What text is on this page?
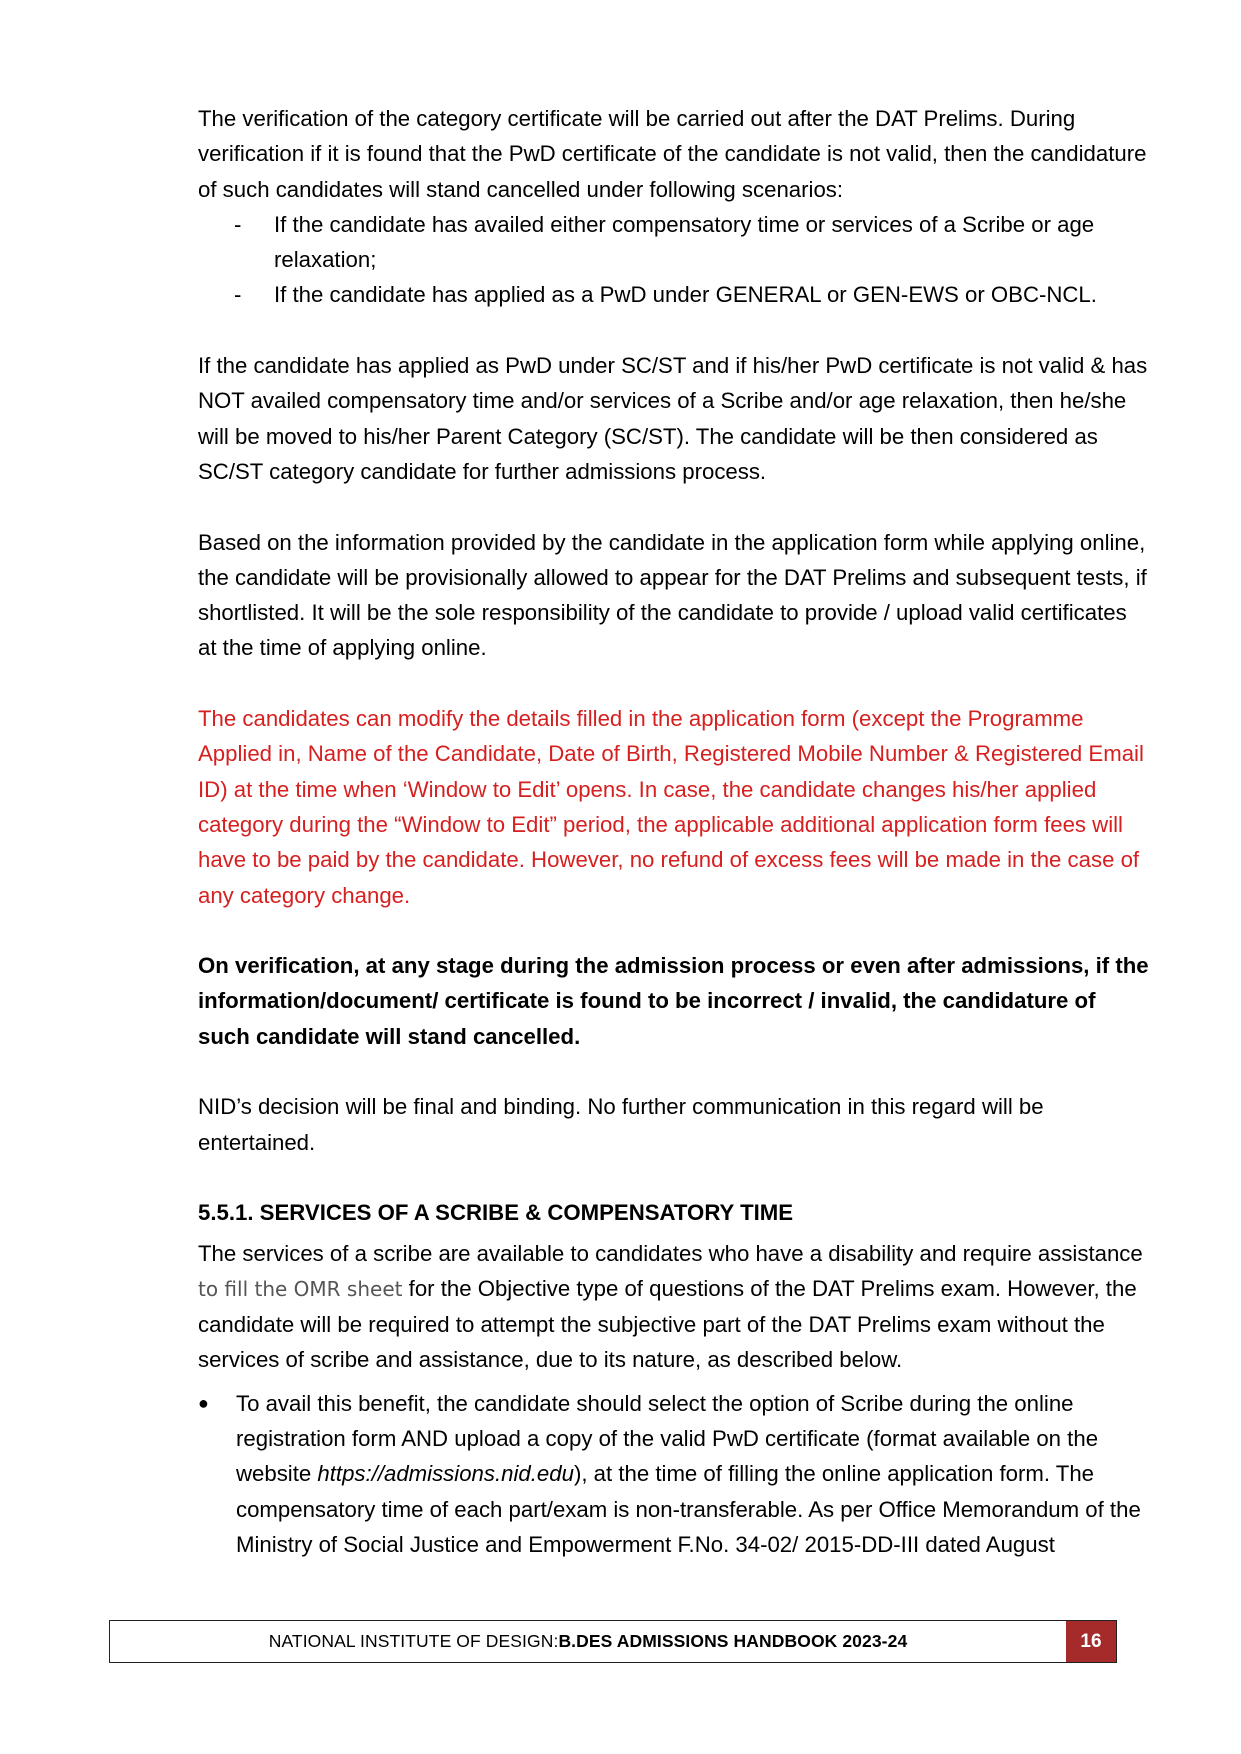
The verification of the category certificate will be carried out after the DAT Prelims. During verification if it is found that the PwD certificate of the candidate is not valid, then the candidature of such candidates will stand cancelled under following scenarios:

- If the candidate has availed either compensatory time or services of a Scribe or age relaxation;
- If the candidate has applied as a PwD under GENERAL or GEN-EWS or OBC-NCL.

If the candidate has applied as PwD under SC/ST and if his/her PwD certificate is not valid & has NOT availed compensatory time and/or services of a Scribe and/or age relaxation, then he/she will be moved to his/her Parent Category (SC/ST). The candidate will be then considered as SC/ST category candidate for further admissions process.

Based on the information provided by the candidate in the application form while applying online, the candidate will be provisionally allowed to appear for the DAT Prelims and subsequent tests, if shortlisted. It will be the sole responsibility of the candidate to provide / upload valid certificates at the time of applying online.

The candidates can modify the details filled in the application form (except the Programme Applied in, Name of the Candidate, Date of Birth, Registered Mobile Number & Registered Email ID) at the time when ‘Window to Edit’ opens. In case, the candidate changes his/her applied category during the “Window to Edit” period, the applicable additional application form fees will have to be paid by the candidate. However, no refund of excess fees will be made in the case of any category change.

On verification, at any stage during the admission process or even after admissions, if the information/document/ certificate is found to be incorrect / invalid, the candidature of such candidate will stand cancelled.

NID’s decision will be final and binding. No further communication in this regard will be entertained.

5.5.1. SERVICES OF A SCRIBE & COMPENSATORY TIME

The services of a scribe are available to candidates who have a disability and require assistance to fill the OMR sheet for the Objective type of questions of the DAT Prelims exam. However, the candidate will be required to attempt the subjective part of the DAT Prelims exam without the services of scribe and assistance, due to its nature, as described below.

● To avail this benefit, the candidate should select the option of Scribe during the online registration form AND upload a copy of the valid PwD certificate (format available on the website https://admissions.nid.edu), at the time of filling the online application form. The compensatory time of each part/exam is non-transferable. As per Office Memorandum of the Ministry of Social Justice and Empowerment F.No. 34-02/ 2015-DD-III dated August
NATIONAL INSTITUTE OF DESIGN: B.DES ADMISSIONS HANDBOOK 2023-24	16
